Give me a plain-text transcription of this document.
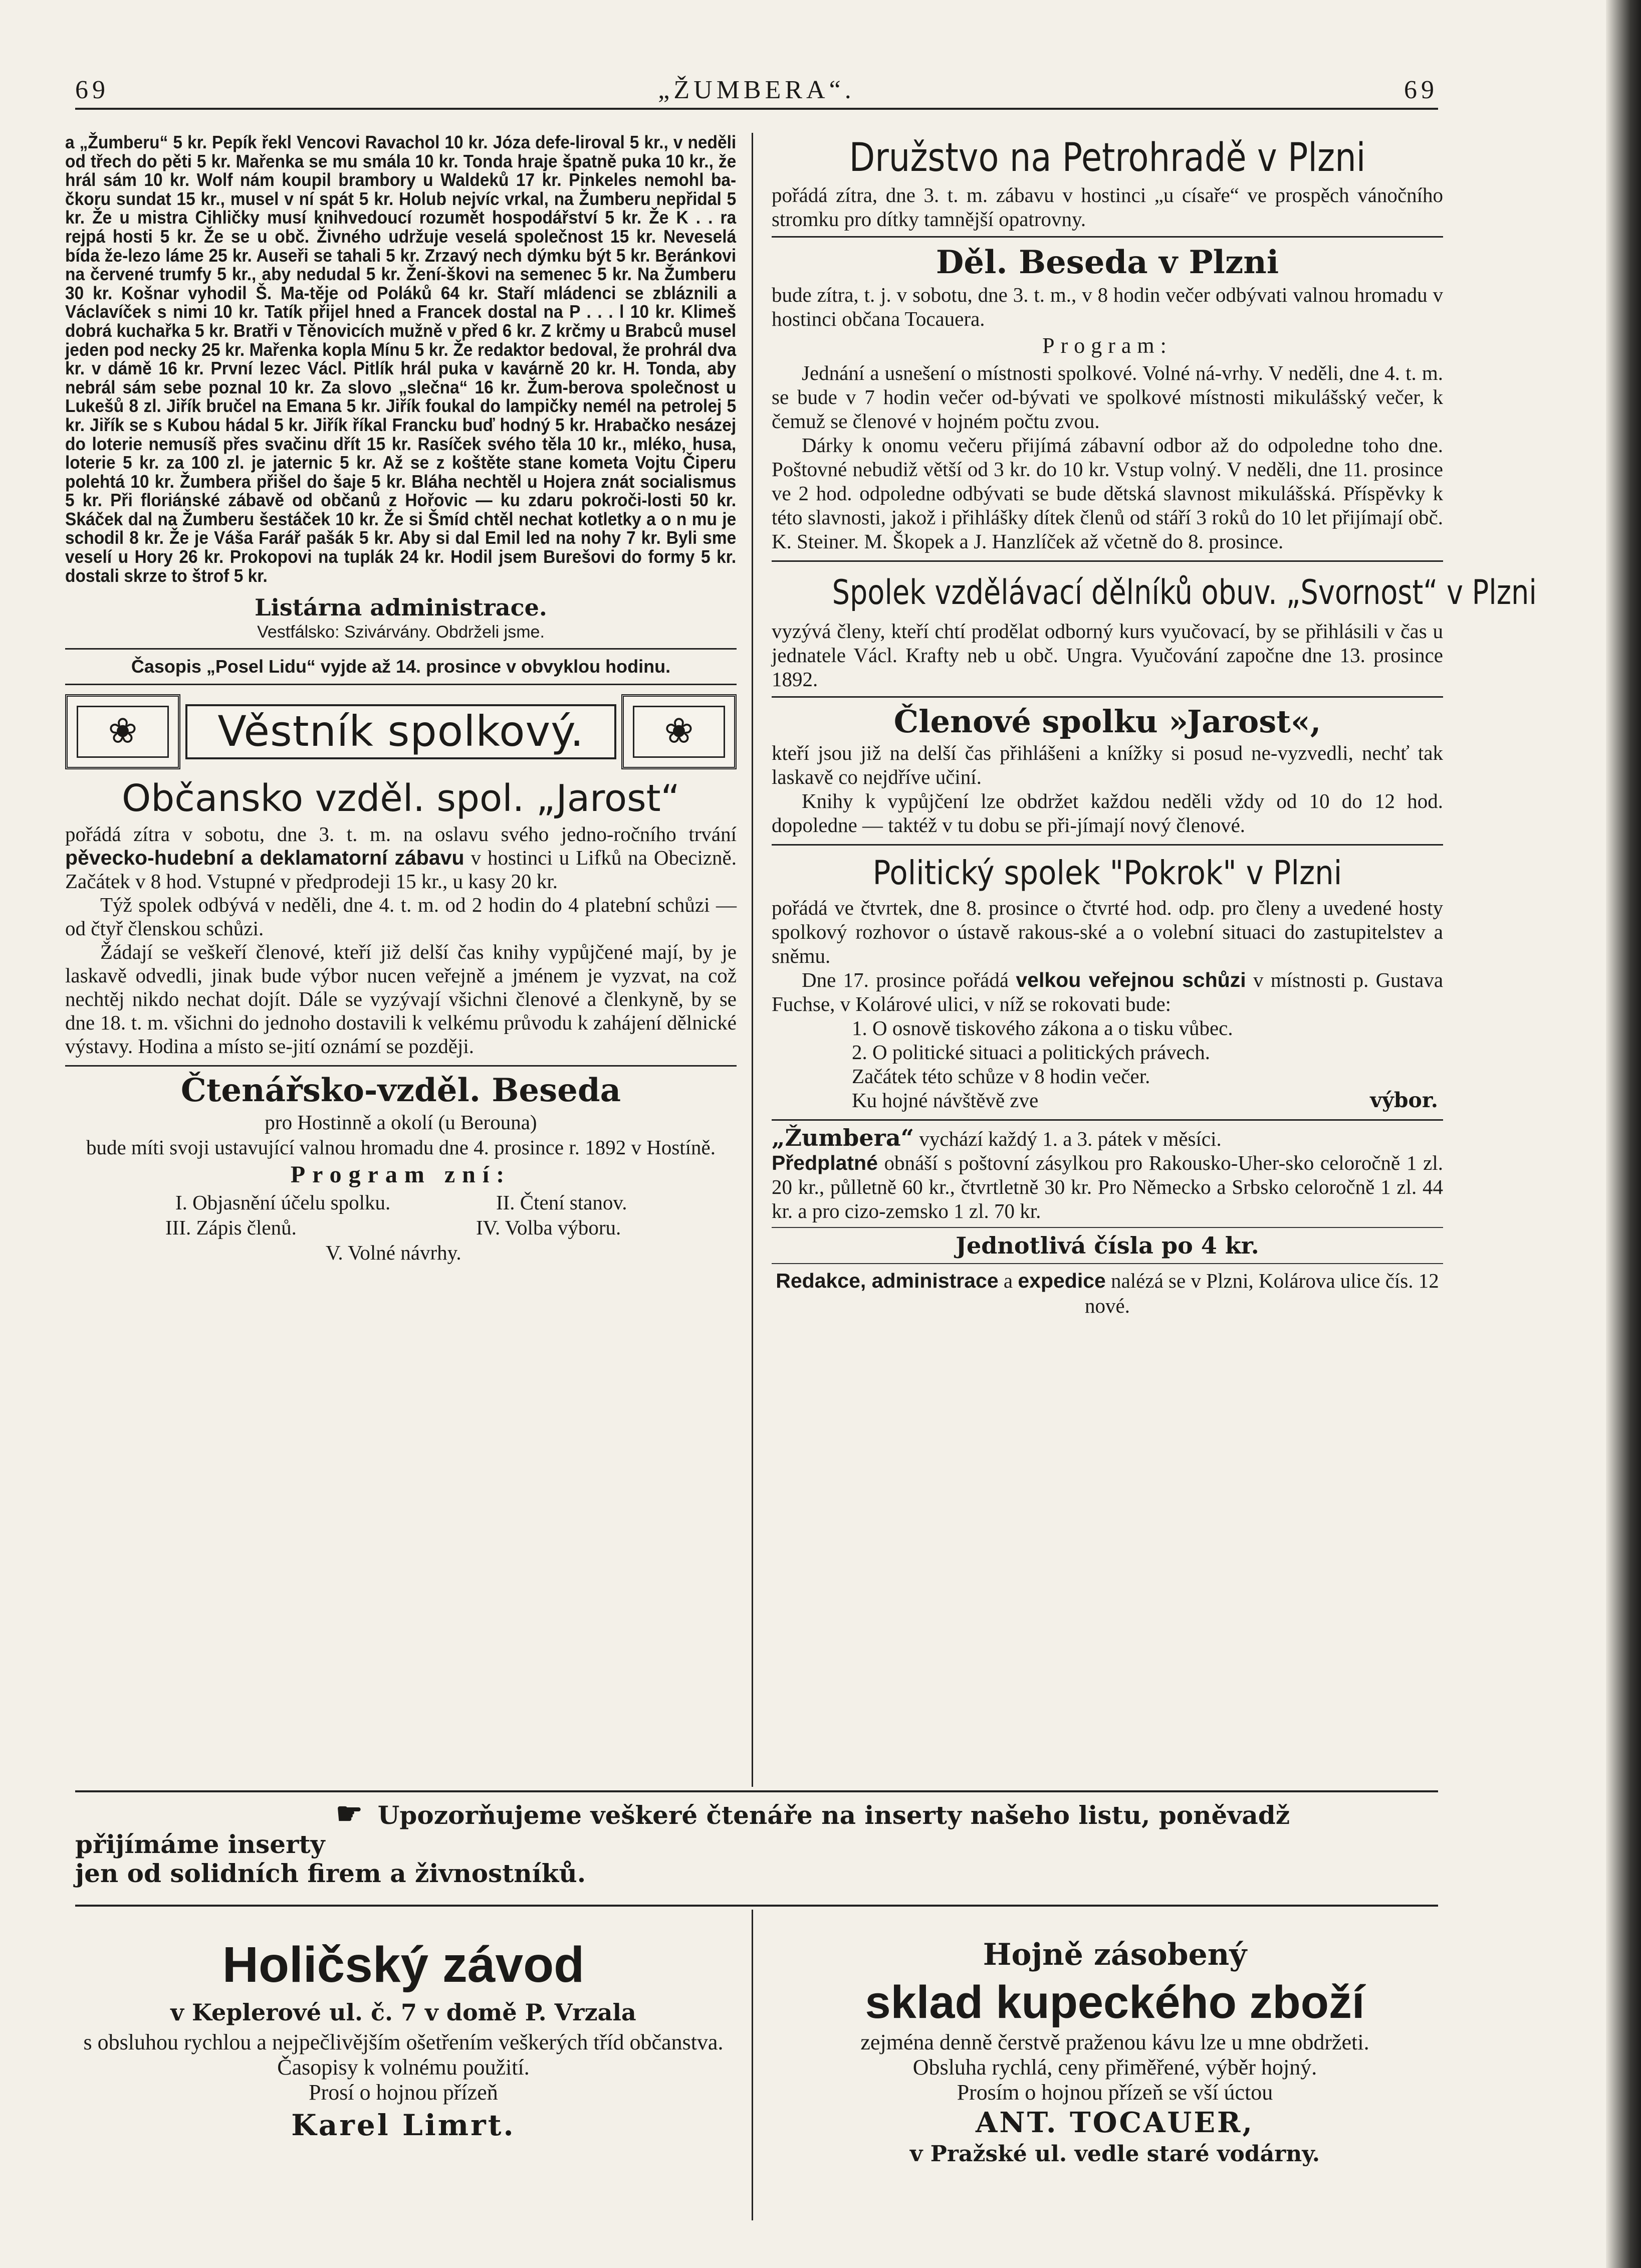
69	„ŽUMBERA“.	69
a „Žumberu“ 5 kr. Pepík řekl Vencovi Ravachol 10 kr. Józa defe-liroval 5 kr., v neděli od třech do pěti 5 kr. Mařenka se mu smála 10 kr. Tonda hraje špatně puka 10 kr., že hrál sám 10 kr. Wolf nám koupil brambory u Waldeků 17 kr. Pinkeles nemohl ba-čkoru sundat 15 kr., musel v ní spát 5 kr. Holub nejvíc vrkal, na Žumberu nepřidal 5 kr. Že u mistra Cihličky musí knihvedoucí rozumět hospodářství 5 kr. Že K . . ra rejpá hosti 5 kr. Že se u obč. Živného udržuje veselá společnost 15 kr. Neveselá bída že-lezo láme 25 kr. Auseři se tahali 5 kr. Zrzavý nech dýmku být 5 kr. Beránkovi na červené trumfy 5 kr., aby nedudal 5 kr. Žení-škovi na semenec 5 kr. Na Žumberu 30 kr. Košnar vyhodil Š. Ma-těje od Poláků 64 kr. Staří mládenci se zbláznili a Václavíček s nimi 10 kr. Tatík přijel hned a Francek dostal na P . . . l 10 kr. Klimeš dobrá kuchařka 5 kr. Bratři v Těnovicích mužně v před 6 kr. Z krčmy u Brabců musel jeden pod necky 25 kr. Mařenka kopla Mínu 5 kr. Že redaktor bedoval, že prohrál dva kr. v dámě 16 kr. První lezec Václ. Pitlík hrál puka v kavárně 20 kr. H. Tonda, aby nebrál sám sebe poznal 10 kr. Za slovo „slečna“ 16 kr. Žum-berova společnost u Lukešů 8 zl. Jiřík bručel na Emana 5 kr. Jiřík foukal do lampičky nemél na petrolej 5 kr. Jiřík se s Kubou hádal 5 kr. Jiřík říkal Francku buď hodný 5 kr. Hrabačko nesázej do loterie nemusíš přes svačinu dřít 15 kr. Rasíček svého těla 10 kr., mléko, husa, loterie 5 kr. za 100 zl. je jaternic 5 kr. Až se z koštěte stane kometa Vojtu Čiperu polehtá 10 kr. Žumbera přišel do šaje 5 kr. Bláha nechtěl u Hojera znát socialismus 5 kr. Při floriánské zábavě od občanů z Hořovic — ku zdaru pokroči-losti 50 kr. Skáček dal na Žumberu šestáček 10 kr. Že si Šmíd chtěl nechat kotletky a o n mu je schodil 8 kr. Že je Váša Farář pašák 5 kr. Aby si dal Emil led na nohy 7 kr. Byli sme veselí u Hory 26 kr. Prokopovi na tuplák 24 kr. Hodil jsem Burešovi do formy 5 kr. dostali skrze to štrof 5 kr.
Listárna administrace.
Vestfálsko: Szivárvány. Obdrželi jsme.
Časopis „Posel Lidu“ vyjde až 14. prosince v obvyklou hodinu.
❀	Věstník spolkový.	❀
Občansko vzděl. spol. „Jarost“
pořádá zítra v sobotu, dne 3. t. m. na oslavu svého jedno-ročního trvání pěvecko-hudební a deklamatorní zábavu v hostinci u Lifků na Obecizně. Začátek v 8 hod. Vstupné v předprodeji 15 kr., u kasy 20 kr.
Týž spolek odbývá v neděli, dne 4. t. m. od 2 hodin do 4 platební schůzi — od čtyř členskou schůzi.
Žádají se veškeří členové, kteří již delší čas knihy vypůjčené mají, by je laskavě odvedli, jinak bude výbor nucen veřejně a jménem je vyzvat, na což nechtěj nikdo nechat dojít. Dále se vyzývají všichni členové a členkyně, by se dne 18. t. m. všichni do jednoho dostavili k velkému průvodu k zahájení dělnické výstavy. Hodina a místo se-jití oznámí se později.
Čtenářsko-vzděl. Beseda
pro Hostinně a okolí (u Berouna)
bude míti svoji ustavující valnou hromadu dne 4. prosince r. 1892 v Hostíně.
Program zní:
I. Objasnění účelu spolku.	II. Čtení stanov.
III. Zápis členů.	IV. Volba výboru.
V. Volné návrhy.
Družstvo na Petrohradě v Plzni
pořádá zítra, dne 3. t. m. zábavu v hostinci „u císaře“ ve prospěch vánočního stromku pro dítky tamnější opatrovny.
Děl. Beseda v Plzni
bude zítra, t. j. v sobotu, dne 3. t. m., v 8 hodin večer odbývati valnou hromadu v hostinci občana Tocauera.
Program:
Jednání a usnešení o místnosti spolkové. Volné ná-vrhy. V neděli, dne 4. t. m. se bude v 7 hodin večer od-bývati ve spolkové místnosti mikulášský večer, k čemuž se členové v hojném počtu zvou.
Dárky k onomu večeru přijímá zábavní odbor až do odpoledne toho dne. Poštovné nebudiž větší od 3 kr. do 10 kr. Vstup volný. V neděli, dne 11. prosince ve 2 hod. odpoledne odbývati se bude dětská slavnost mikulášská. Příspěvky k této slavnosti, jakož i přihlášky dítek členů od stáří 3 roků do 10 let přijímají obč. K. Steiner. M. Škopek a J. Hanzlíček až včetně do 8. prosince.
Spolek vzdělávací dělníků obuv. „Svornost“ v Plzni
vyzývá členy, kteří chtí prodělat odborný kurs vyučovací, by se přihlásili v čas u jednatele Václ. Krafty neb u obč. Ungra. Vyučování započne dne 13. prosince 1892.
Členové spolku »Jarost«,
kteří jsou již na delší čas přihlášeni a knížky si posud ne-vyzvedli, nechť tak laskavě co nejdříve učiní.
Knihy k vypůjčení lze obdržet každou neděli vždy od 10 do 12 hod. dopoledne — taktéž v tu dobu se při-jímají nový členové.
Politický spolek "Pokrok" v Plzni
pořádá ve čtvrtek, dne 8. prosince o čtvrté hod. odp. pro členy a uvedené hosty spolkový rozhovor o ústavě rakous-ské a o volební situaci do zastupitelstev a sněmu.
Dne 17. prosince pořádá velkou veřejnou schůzi v místnosti p. Gustava Fuchse, v Kolárové ulici, v níž se rokovati bude:
1. O osnově tiskového zákona a o tisku vůbec.
2. O politické situaci a politických právech.
Začátek této schůze v 8 hodin večer.
Ku hojné návštěvě zve	výbor.
„Žumbera“ vychází každý 1. a 3. pátek v měsíci.
Předplatné obnáší s poštovní zásylkou pro Rakousko-Uher-sko celoročně 1 zl. 20 kr., půlletně 60 kr., čtvrtletně 30 kr. Pro Německo a Srbsko celoročně 1 zl. 44 kr. a pro cizo-zemsko 1 zl. 70 kr.
Jednotlivá čísla po 4 kr.
Redakce, administrace a expedice nalézá se v Plzni, Kolárova ulice čís. 12 nové.
☛ Upozorňujeme veškeré čtenáře na inserty našeho listu, poněvadž přijímáme inserty
jen od solidních firem a živnostníků.
Holičský závod
v Keplerové ul. č. 7 v domě P. Vrzala
s obsluhou rychlou a nejpečlivějším ošetřením veškerých tříd občanstva.
Časopisy k volnému použití.
Prosí o hojnou přízeň
Karel Limrt.
Hojně zásobený
sklad kupeckého zboží
zejména denně čerstvě praženou kávu lze u mne obdržeti.
Obsluha rychlá, ceny přiměřené, výběr hojný.
Prosím o hojnou přízeň se vší úctou
ANT. TOCAUER,
v Pražské ul. vedle staré vodárny.
